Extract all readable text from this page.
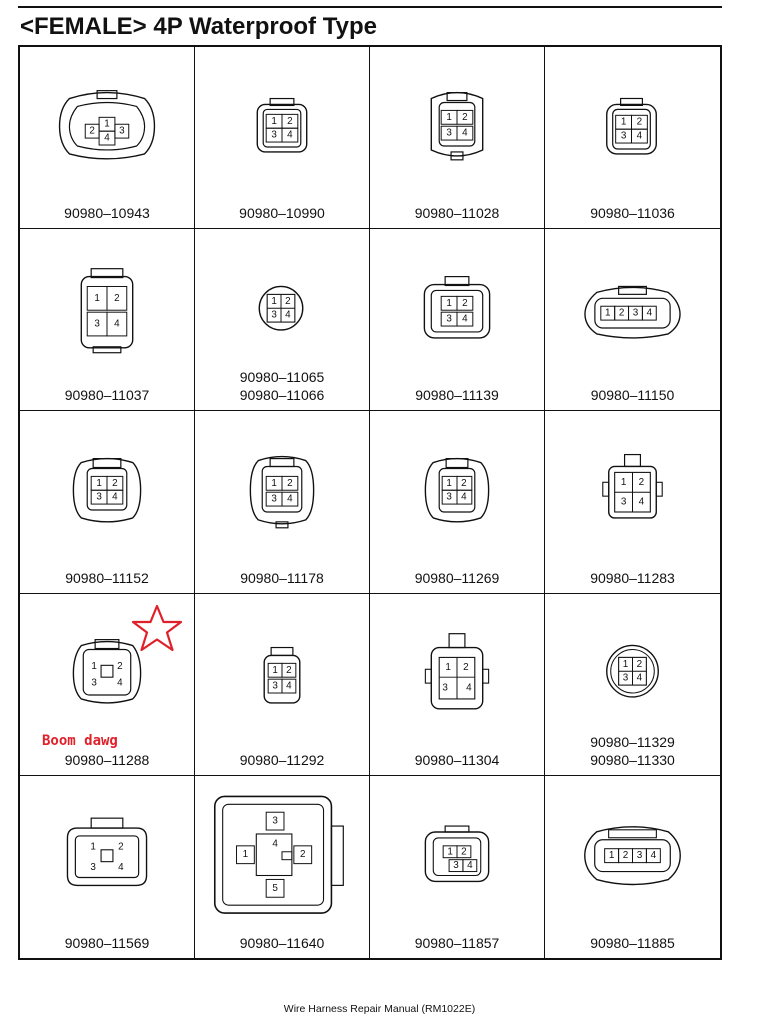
<FEMALE> 4P Waterproof Type
1
2 3
4
90980–10943
1 2
3 4
90980–10990
1 2
3 4
90980–11028
1 2
3 4
90980–11036
1 2
3 4
90980–11037
1 2
3 4
90980–11065
90980–11066
1 2
3 4
90980–11139
1 2 3 4
90980–11150
1 2
3 4
90980–11152
1 2
3 4
90980–11178
1 2
3 4
90980–11269
1 2
3 4
90980–11283
1 2
3 4
90980–11288
1 2
3 4
90980–11292
1 2
3 4
90980–11304
1 2
3 4
90980–11329
90980–11330
1 2
3 4
90980–11569
1	2
3
4
5
90980–11640
1 2
3 4
90980–11857
1 2 3 4
90980–11885
Boom dawg
Wire Harness Repair Manual (RM1022E)
